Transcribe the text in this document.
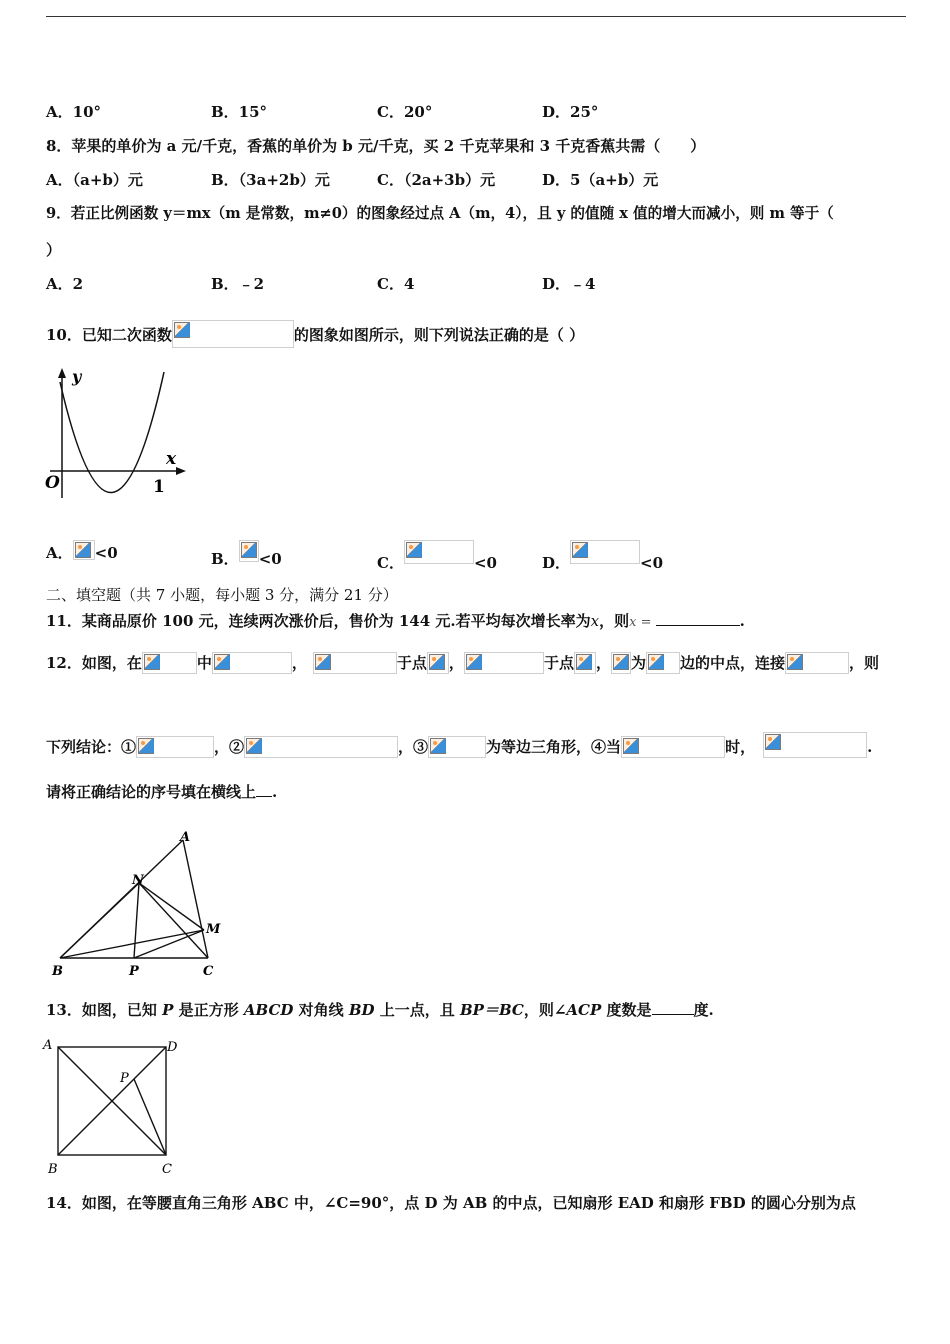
A．10°	B．15°	C．20°	D．25°
8．苹果的单价为 a 元/千克，香蕉的单价为 b 元/千克，买 2 千克苹果和 3 千克香蕉共需（　　）
A．（a+b）元	B．（3a+2b）元	C．（2a+3b）元	D．5（a+b）元
9．若正比例函数 y＝mx（m 是常数，m≠0）的图象经过点 A（m，4），且 y 的值随 x 值的增大而减小，则 m 等于（
）
A．2	B．﹣2	C．4	D．﹣4
10．已知二次函数	的图象如图所示，则下列说法正确的是（ ）
y
x
O	1
A． <0	B． <0	C．	<0	D．	<0
二、填空题（共 7 小题，每小题 3 分，满分 21 分）
11．某商品原价 100 元，连续两次涨价后，售价为 144 元.若平均每次增长率为x，则x =	.
12．如图，在	中	，	于点 ，	于点 ， 为 边的中点，连接	，则
下列结论：①	，②	，③	为等边三角形，④当	时，	.
请将正确结论的序号填在横线上 .
A
N
M
B	P	C
13．如图，已知 P 是正方形 ABCD 对角线 BD 上一点，且 BP＝BC，则∠ACP 度数是	度.
A	D
P
B	C
14．如图，在等腰直角三角形 ABC 中，∠C=90°，点 D 为 AB 的中点，已知扇形 EAD 和扇形 FBD 的圆心分别为点
